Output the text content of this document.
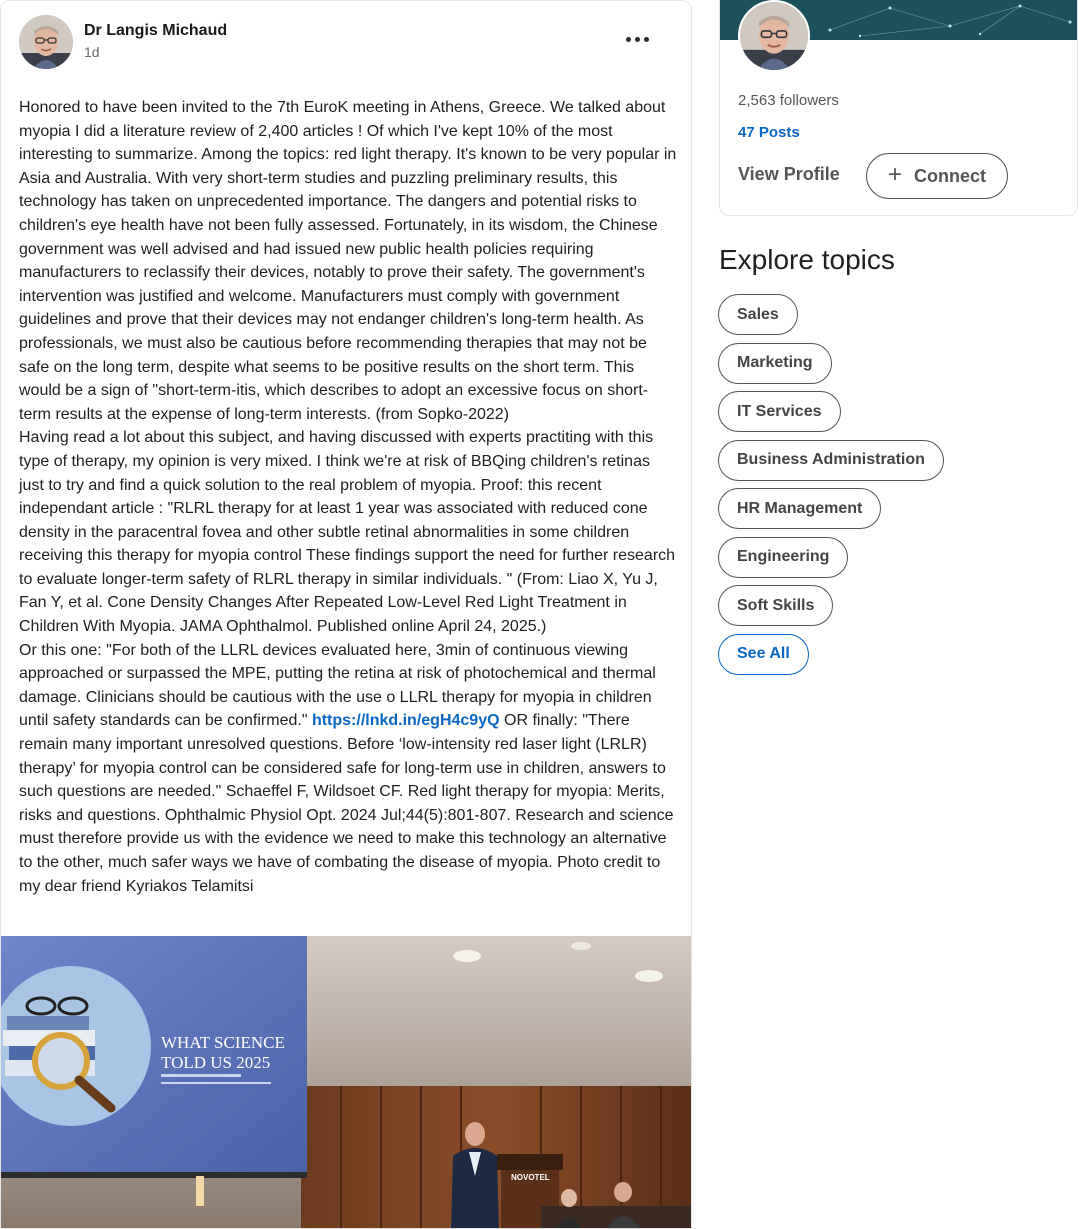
Dr Langis Michaud
1d
Honored to have been invited to the 7th EuroK meeting in Athens, Greece. We talked about myopia I did a literature review of 2,400 articles ! Of which I've kept 10% of the most interesting to summarize. Among the topics: red light therapy. It's known to be very popular in Asia and Australia. With very short-term studies and puzzling preliminary results, this technology has taken on unprecedented importance. The dangers and potential risks to children's eye health have not been fully assessed. Fortunately, in its wisdom, the Chinese government was well advised and had issued new public health policies requiring manufacturers to reclassify their devices, notably to prove their safety. The government's intervention was justified and welcome. Manufacturers must comply with government guidelines and prove that their devices may not endanger children's long-term health. As professionals, we must also be cautious before recommending therapies that may not be safe on the long term, despite what seems to be positive results on the short term. This would be a sign of "short-term-itis, which describes to adopt an excessive focus on short-term results at the expense of long-term interests. (from Sopko-2022)
Having read a lot about this subject, and having discussed with experts practiting with this type of therapy, my opinion is very mixed. I think we're at risk of BBQing children's retinas just to try and find a quick solution to the real problem of myopia. Proof: this recent independant article : "RLRL therapy for at least 1 year was associated with reduced cone density in the paracentral fovea and other subtle retinal abnormalities in some children receiving this therapy for myopia control These findings support the need for further research to evaluate longer-term safety of RLRL therapy in similar individuals. " (From: Liao X, Yu J, Fan Y, et al. Cone Density Changes After Repeated Low-Level Red Light Treatment in Children With Myopia. JAMA Ophthalmol. Published online April 24, 2025.)
Or this one: "For both of the LLRL devices evaluated here, 3min of continuous viewing approached or surpassed the MPE, putting the retina at risk of photochemical and thermal damage. Clinicians should be cautious with the use o LLRL therapy for myopia in children until safety standards can be confirmed." https://lnkd.in/egH4c9yQ OR finally: "There remain many important unresolved questions. Before ‘low-intensity red laser light (LRLR) therapy’ for myopia control can be considered safe for long-term use in children, answers to such questions are needed." Schaeffel F, Wildsoet CF. Red light therapy for myopia: Merits, risks and questions. Ophthalmic Physiol Opt. 2024 Jul;44(5):801-807. Research and science must therefore provide us with the evidence we need to make this technology an alternative to the other, much safer ways we have of combating the disease of myopia. Photo credit to my dear friend Kyriakos Telamitsi
WHAT SCIENCE
TOLD US 2025
NOVOTEL
2,563 followers
47 Posts
View Profile + Connect
Explore topics
Sales
Marketing
IT Services
Business Administration
HR Management
Engineering
Soft Skills
See All
